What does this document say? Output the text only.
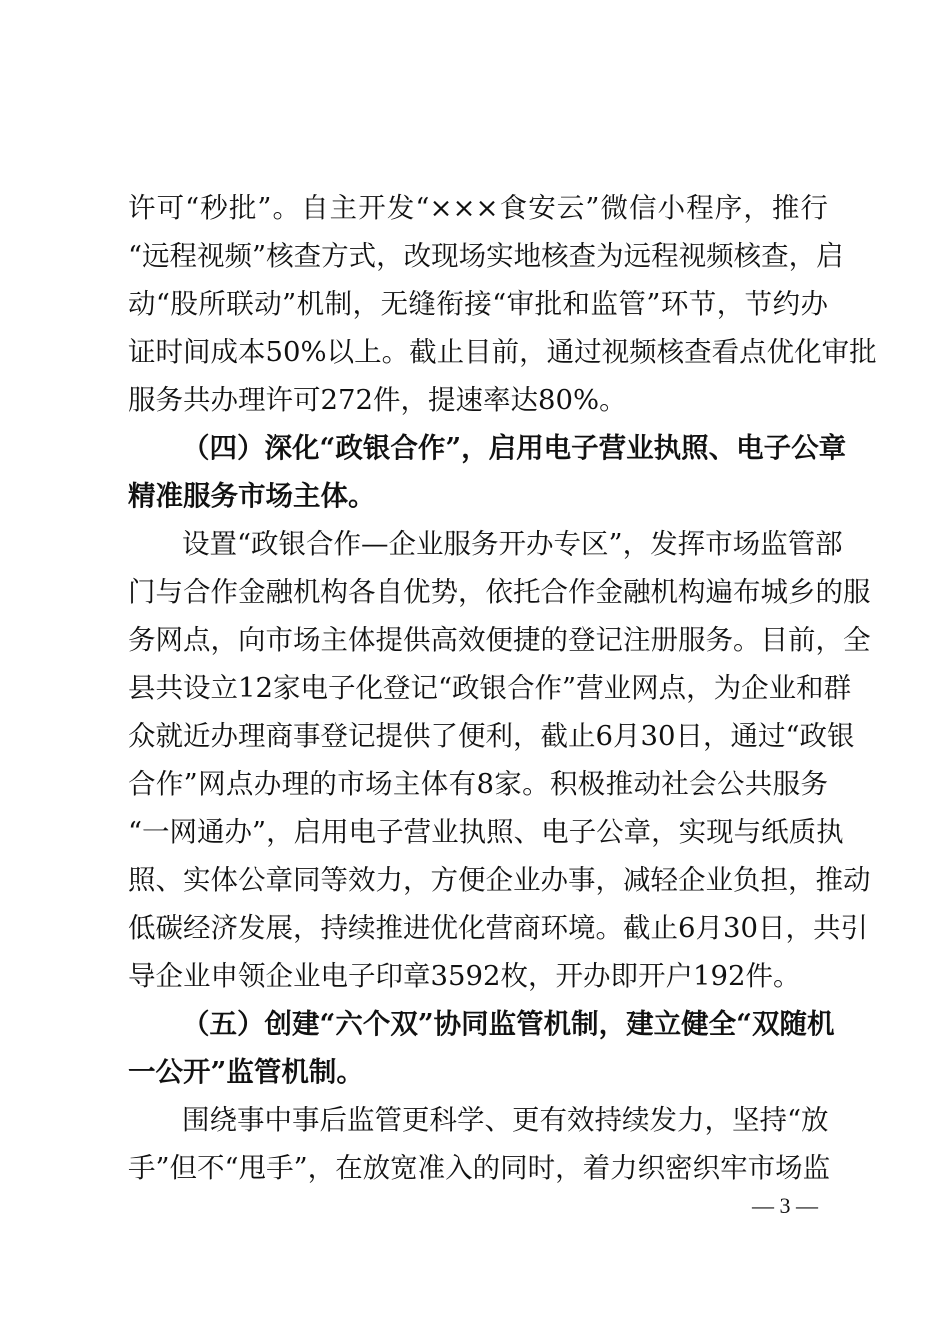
许可“秒批”。自主开发“×××食安云”微信小程序，推行
“远程视频”核查方式，改现场实地核查为远程视频核查，启
动“股所联动”机制，无缝衔接“审批和监管”环节，节约办
证时间成本50%以上。截止目前，通过视频核查看点优化审批
服务共办理许可272件，提速率达80%。
（四）深化“政银合作”，启用电子营业执照、电子公章
精准服务市场主体。
设置“政银合作—企业服务开办专区”，发挥市场监管部
门与合作金融机构各自优势，依托合作金融机构遍布城乡的服
务网点，向市场主体提供高效便捷的登记注册服务。目前，全
县共设立12家电子化登记“政银合作”营业网点，为企业和群
众就近办理商事登记提供了便利，截止6月30日，通过“政银
合作”网点办理的市场主体有8家。积极推动社会公共服务
“一网通办”，启用电子营业执照、电子公章，实现与纸质执
照、实体公章同等效力，方便企业办事，减轻企业负担，推动
低碳经济发展，持续推进优化营商环境。截止6月30日，共引
导企业申领企业电子印章3592枚，开办即开户192件。
（五）创建“六个双”协同监管机制，建立健全“双随机
一公开”监管机制。
围绕事中事后监管更科学、更有效持续发力，坚持“放
手”但不“甩手”，在放宽准入的同时，着力织密织牢市场监
— 3 —
